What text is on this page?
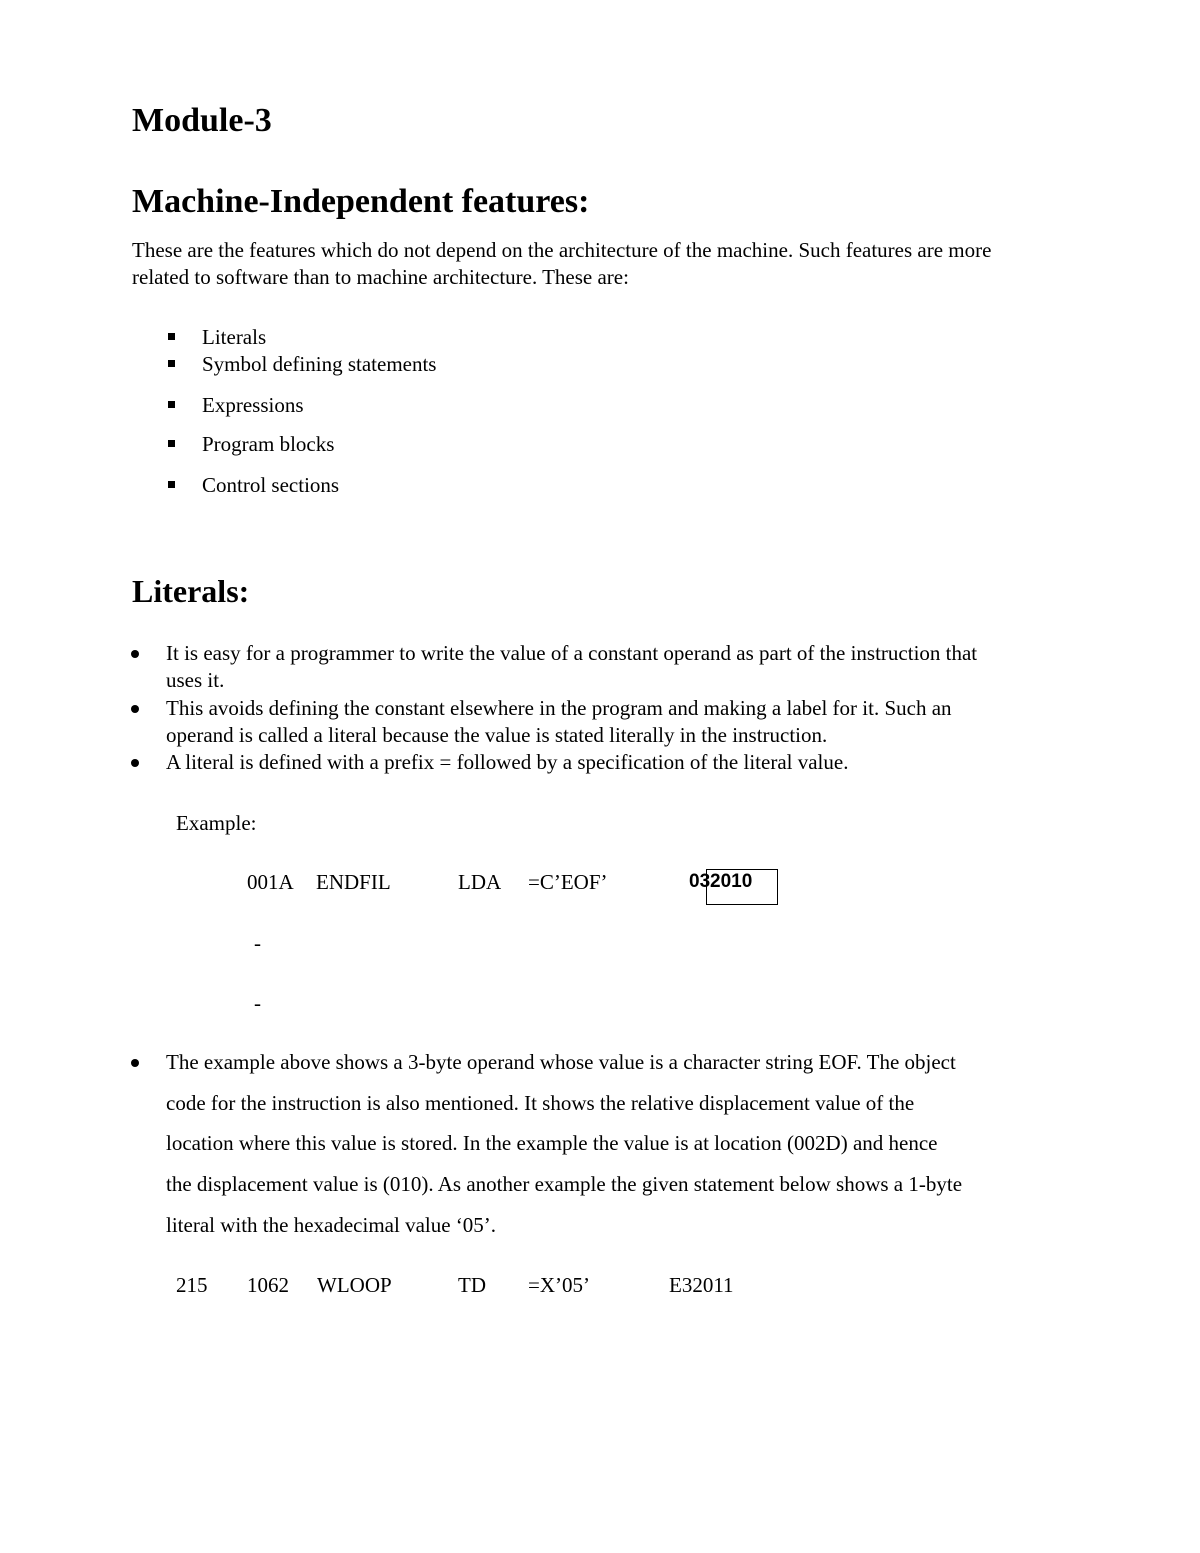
Module-3
Machine-Independent features:
These are the features which do not depend on the architecture of the machine. Such features are more
related to software than to machine architecture. These are:
Literals
Symbol defining statements
Expressions
Program blocks
Control sections
Literals:
It is easy for a programmer to write the value of a constant operand as part of the instruction that
uses it.
This avoids defining the constant elsewhere in the program and making a label for it. Such an
operand is called a literal because the value is stated literally in the instruction.
A literal is defined with a prefix = followed by a specification of the literal value.
Example:
001A ENDFIL	LDA =C’EOF’	03 2010
-
-
The example above shows a 3-byte operand whose value is a character string EOF. The object
code for the instruction is also mentioned. It shows the relative displacement value of the
location where this value is stored. In the example the value is at location (002D) and hence
the displacement value is (010). As another example the given statement below shows a 1-byte
literal with the hexadecimal value ‘05’.
215 1062 WLOOP	TD =X’05’	E32011
